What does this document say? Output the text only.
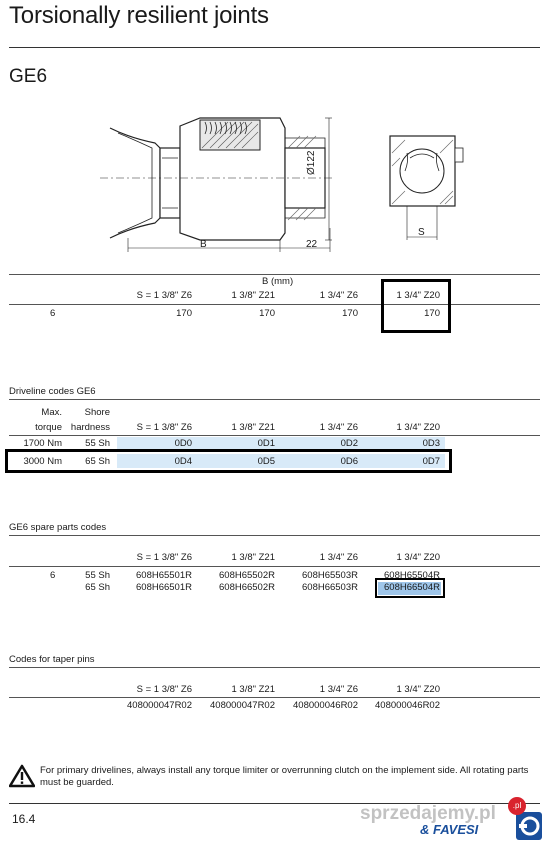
Torsionally resilient joints
GE6
B	22
Ø122
S
B (mm)
S = 1 3/8" Z6	1 3/8" Z21	1 3/4" Z6	1 3/4" Z20
6	170	170	170	170
Driveline codes GE6
Max.
torque
Shore
hardness	S = 1 3/8" Z6	1 3/8" Z21	1 3/4" Z6	1 3/4" Z20
1700 Nm	55 Sh	0D0	0D1	0D2	0D3
3000 Nm	65 Sh	0D4	0D5	0D6	0D7
GE6 spare parts codes
S = 1 3/8" Z6	1 3/8" Z21	1 3/4" Z6	1 3/4" Z20
6	55 Sh	608H65501R	608H65502R	608H65503R	608H65504R
65 Sh	608H66501R	608H66502R	608H66503R	608H66504R
Codes for taper pins
S = 1 3/8" Z6	1 3/8" Z21	1 3/4" Z6	1 3/4" Z20
408000047R02	408000047R02	408000046R02	408000046R02
For primary drivelines, always install any torque limiter or overrunning clutch on the implement side. All rotating parts must be guarded.
16.4	sprzedajemy.pl
& FAVESI
.pl
